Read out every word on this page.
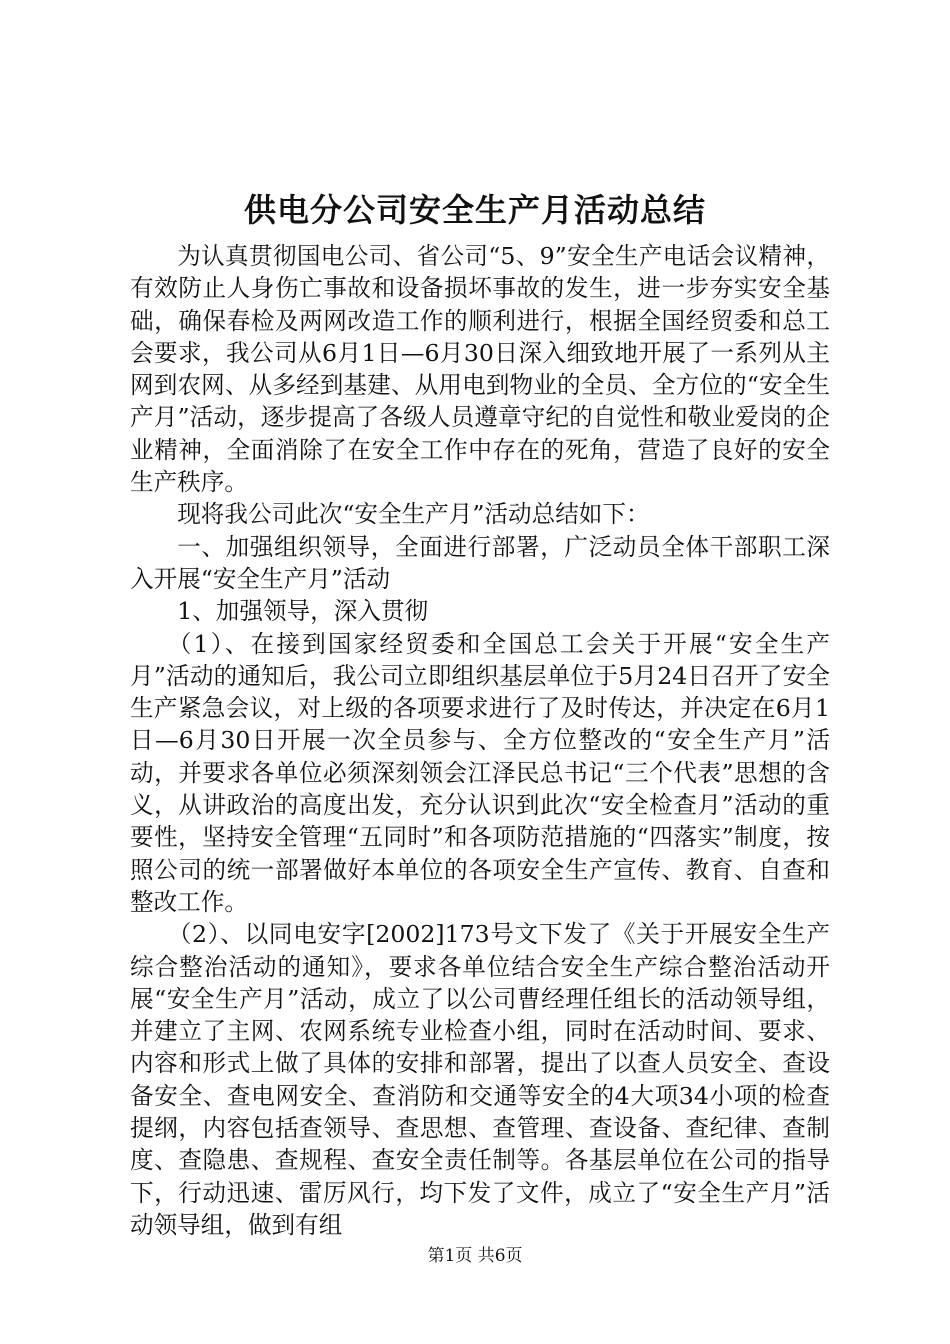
供电分公司安全生产月活动总结

为认真贯彻国电公司、省公司“5、9”安全生产电话会议精神，有效防止人身伤亡事故和设备损坏事故的发生，进一步夯实安全基础，确保春检及两网改造工作的顺利进行，根据全国经贸委和总工会要求，我公司从6月1日—6月30日深入细致地开展了一系列从主网到农网、从多经到基建、从用电到物业的全员、全方位的“安全生产月”活动，逐步提高了各级人员遵章守纪的自觉性和敬业爱岗的企业精神，全面消除了在安全工作中存在的死角，营造了良好的安全生产秩序。

现将我公司此次“安全生产月”活动总结如下：

一、加强组织领导，全面进行部署，广泛动员全体干部职工深入开展“安全生产月”活动

1、加强领导，深入贯彻

（1）、在接到国家经贸委和全国总工会关于开展“安全生产月”活动的通知后，我公司立即组织基层单位于5月24日召开了安全生产紧急会议，对上级的各项要求进行了及时传达，并决定在6月1日—6月30日开展一次全员参与、全方位整改的“安全生产月”活动，并要求各单位必须深刻领会江泽民总书记“三个代表”思想的含义，从讲政治的高度出发，充分认识到此次“安全检查月”活动的重要性，坚持安全管理“五同时”和各项防范措施的“四落实”制度，按照公司的统一部署做好本单位的各项安全生产宣传、教育、自查和整改工作。

（2）、以同电安字[2002]173号文下发了《关于开展安全生产综合整治活动的通知》，要求各单位结合安全生产综合整治活动开展“安全生产月”活动，成立了以公司曹经理任组长的活动领导组，并建立了主网、农网系统专业检查小组，同时在活动时间、要求、内容和形式上做了具体的安排和部署，提出了以查人员安全、查设备安全、查电网安全、查消防和交通等安全的4大项34小项的检查提纲，内容包括查领导、查思想、查管理、查设备、查纪律、查制度、查隐患、查规程、查安全责任制等。各基层单位在公司的指导下，行动迅速、雷厉风行，均下发了文件，成立了“安全生产月”活动领导组，做到有组

第1页 共6页
